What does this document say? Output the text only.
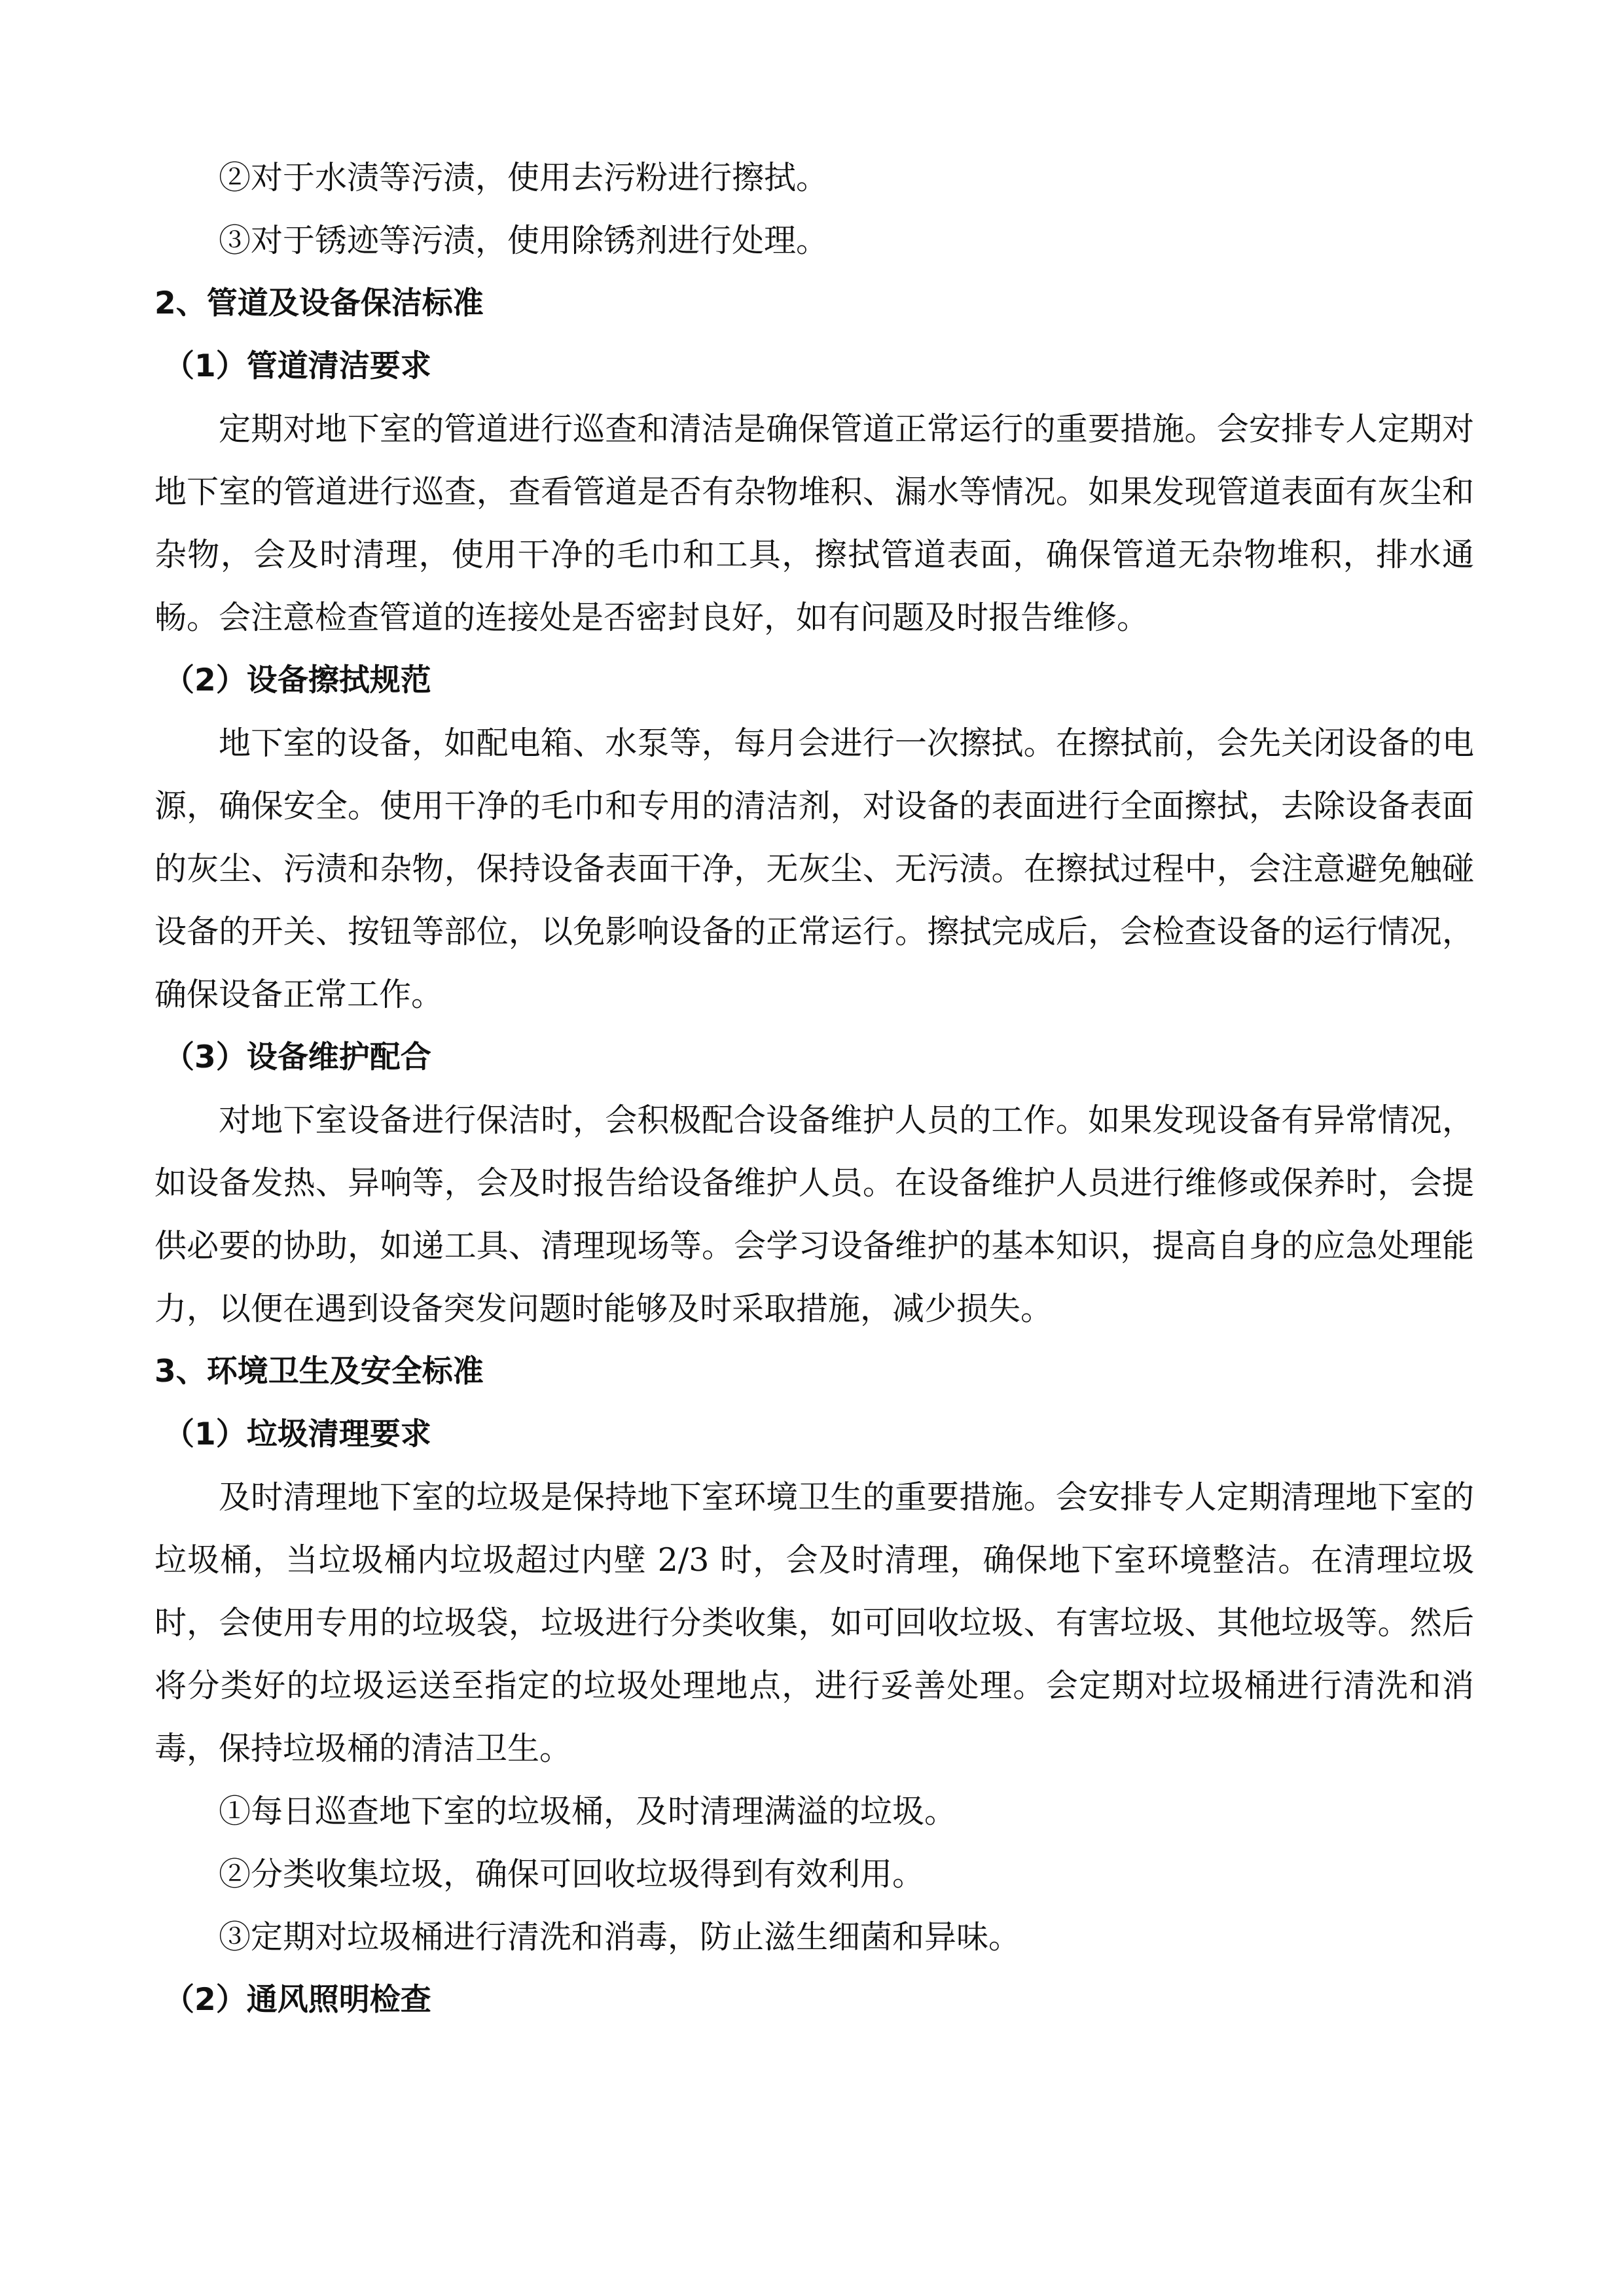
②对于水渍等污渍，使用去污粉进行擦拭。

③对于锈迹等污渍，使用除锈剂进行处理。

2、管道及设备保洁标准

（1）管道清洁要求

定期对地下室的管道进行巡查和清洁是确保管道正常运行的重要措施。会安排专人定期对地下室的管道进行巡查，查看管道是否有杂物堆积、漏水等情况。如果发现管道表面有灰尘和杂物，会及时清理，使用干净的毛巾和工具，擦拭管道表面，确保管道无杂物堆积，排水通畅。会注意检查管道的连接处是否密封良好，如有问题及时报告维修。

（2）设备擦拭规范

地下室的设备，如配电箱、水泵等，每月会进行一次擦拭。在擦拭前，会先关闭设备的电源，确保安全。使用干净的毛巾和专用的清洁剂，对设备的表面进行全面擦拭，去除设备表面的灰尘、污渍和杂物，保持设备表面干净，无灰尘、无污渍。在擦拭过程中，会注意避免触碰设备的开关、按钮等部位，以免影响设备的正常运行。擦拭完成后，会检查设备的运行情况，确保设备正常工作。

（3）设备维护配合

对地下室设备进行保洁时，会积极配合设备维护人员的工作。如果发现设备有异常情况，如设备发热、异响等，会及时报告给设备维护人员。在设备维护人员进行维修或保养时，会提供必要的协助，如递工具、清理现场等。会学习设备维护的基本知识，提高自身的应急处理能力，以便在遇到设备突发问题时能够及时采取措施，减少损失。

3、环境卫生及安全标准

（1）垃圾清理要求

及时清理地下室的垃圾是保持地下室环境卫生的重要措施。会安排专人定期清理地下室的垃圾桶，当垃圾桶内垃圾超过内壁 2/3 时，会及时清理，确保地下室环境整洁。在清理垃圾时，会使用专用的垃圾袋，垃圾进行分类收集，如可回收垃圾、有害垃圾、其他垃圾等。然后将分类好的垃圾运送至指定的垃圾处理地点，进行妥善处理。会定期对垃圾桶进行清洗和消毒，保持垃圾桶的清洁卫生。

①每日巡查地下室的垃圾桶，及时清理满溢的垃圾。

②分类收集垃圾，确保可回收垃圾得到有效利用。

③定期对垃圾桶进行清洗和消毒，防止滋生细菌和异味。

（2）通风照明检查
